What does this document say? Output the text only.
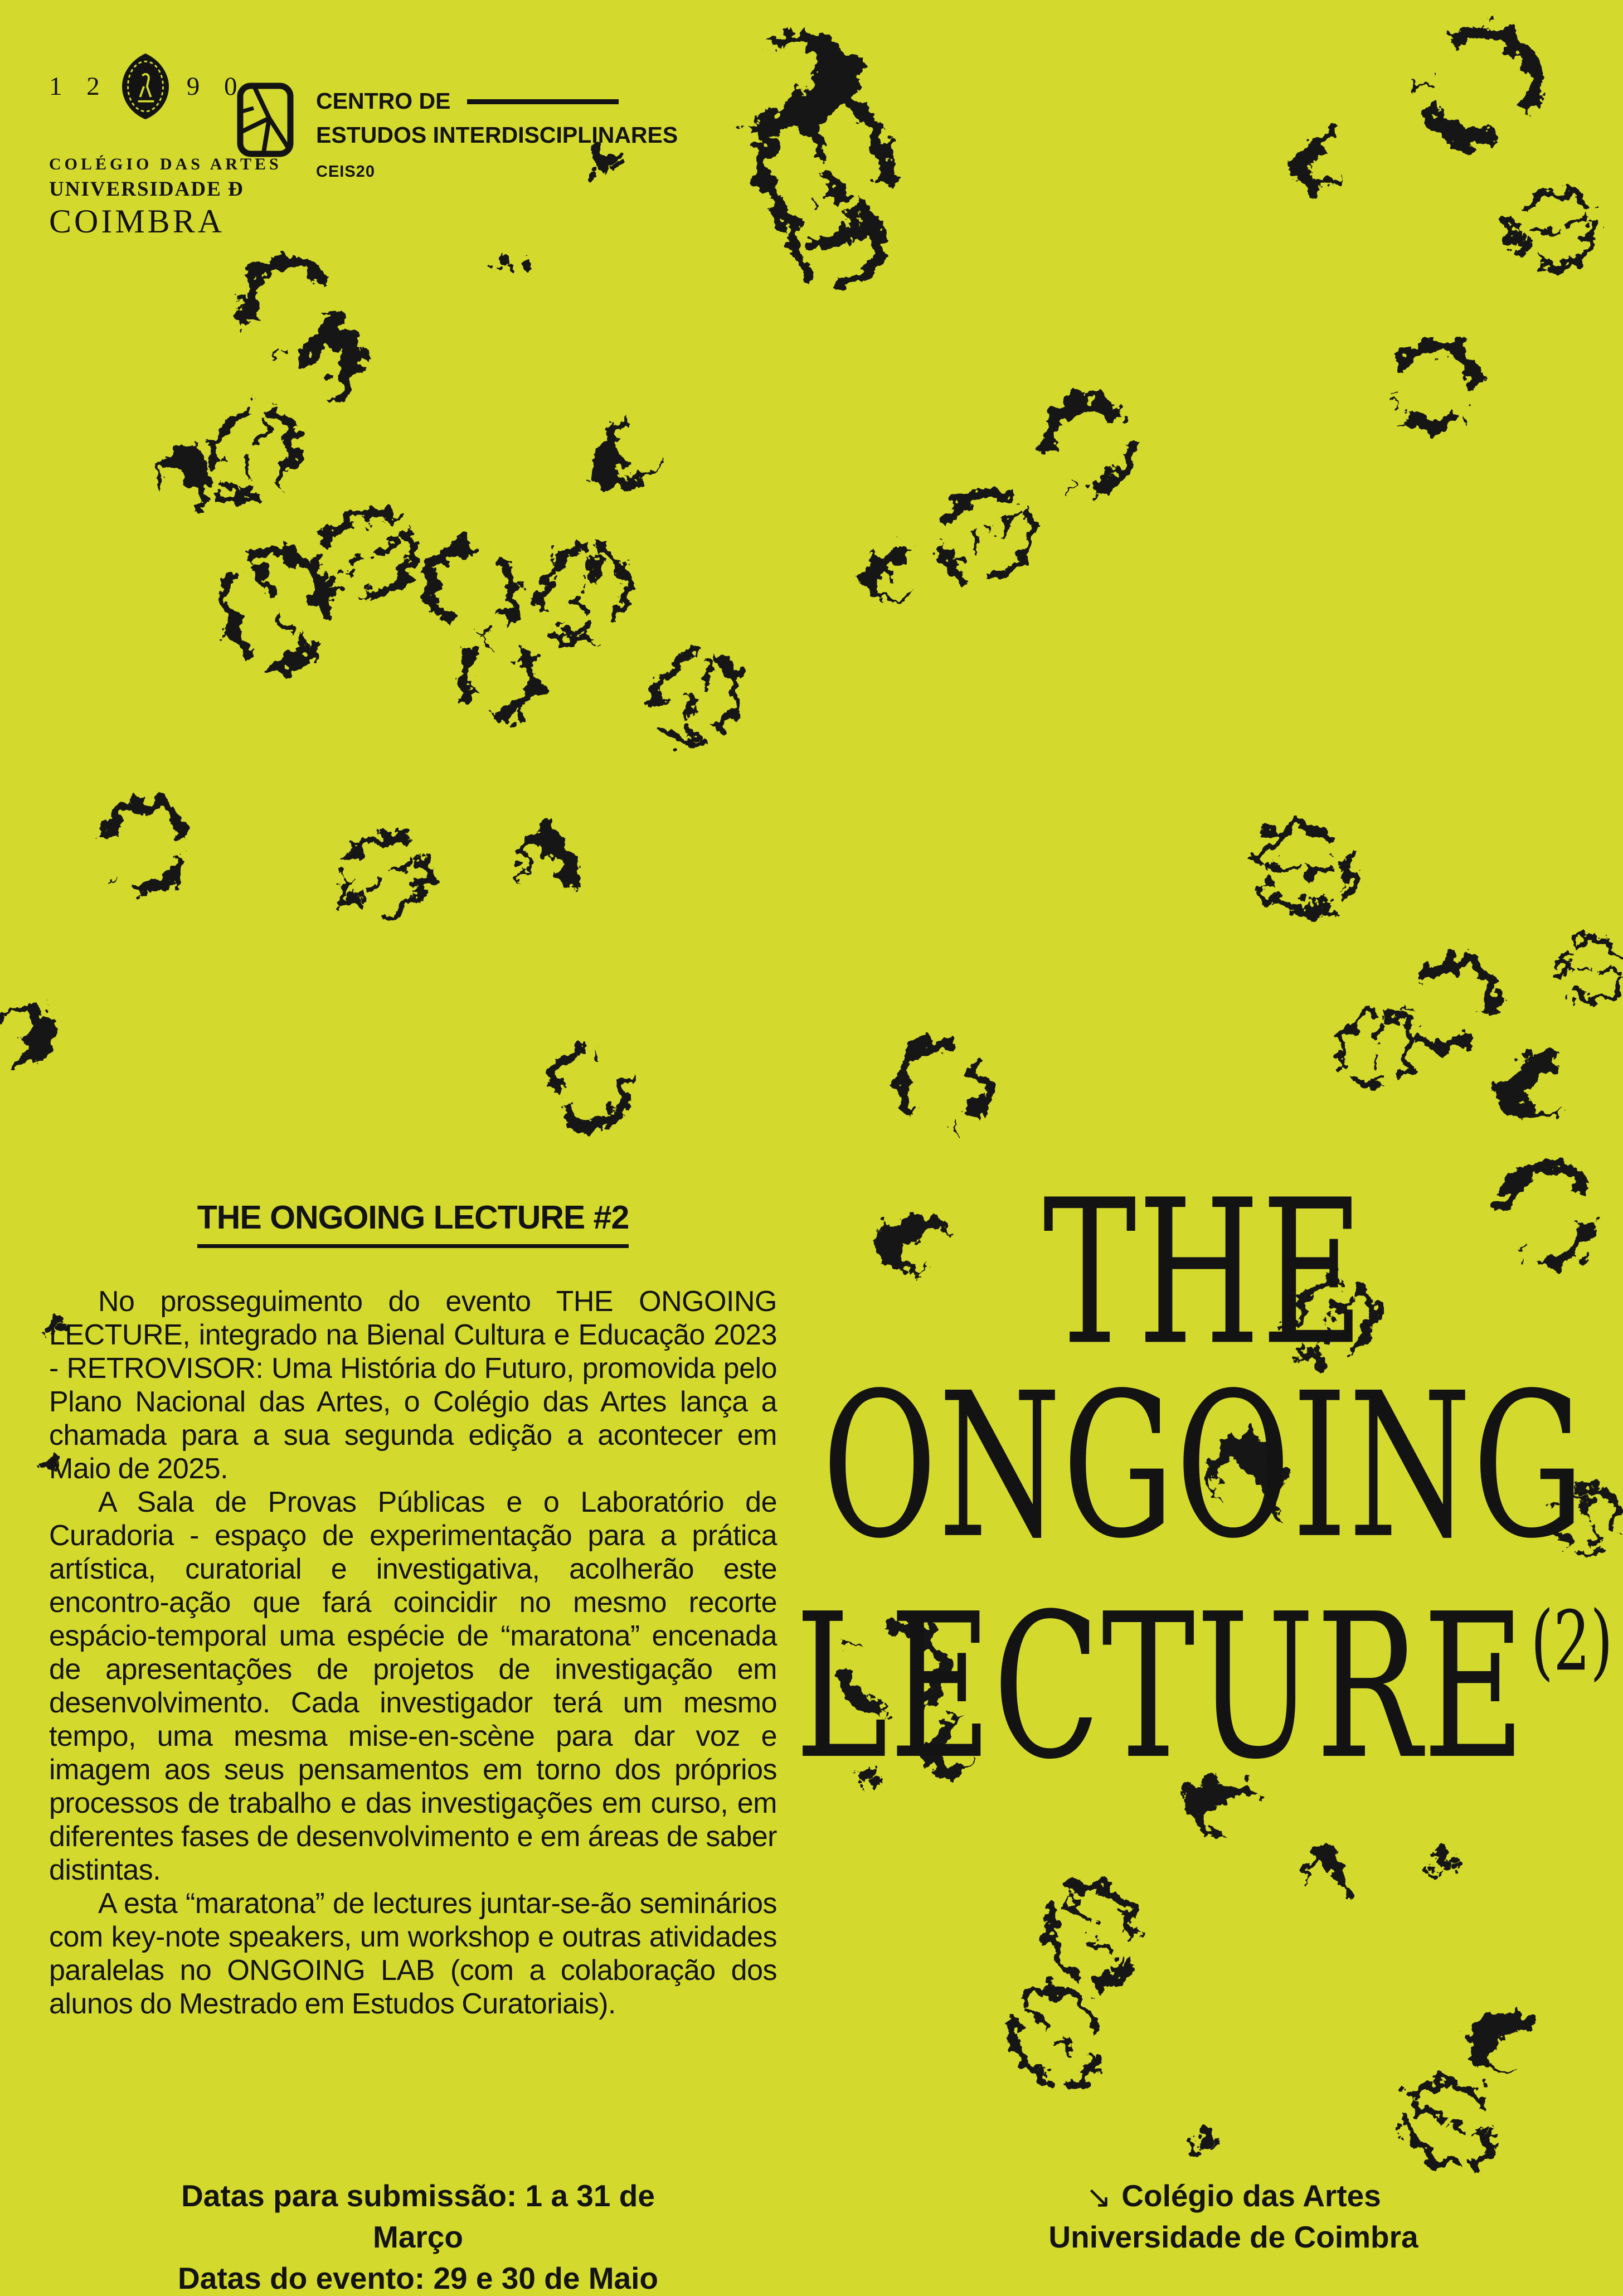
1 2	9 0
COLÉGIO DAS ARTES
UNIVERSIDADE Ð
COIMBRA
CENTRO DE
ESTUDOS INTERDISCIPLINARES
CEIS20
THE ONGOING LECTURE #2

No prosseguimento do evento THE ONGOING LECTURE, integrado na Bienal Cultura e Educação 2023 - RETROVISOR: Uma História do Futuro, promovida pelo Plano Nacional das Artes, o Colégio das Artes lança a chamada para a sua segunda edição a acontecer em Maio de 2025.

A Sala de Provas Públicas e o Laboratório de Curadoria - espaço de experimentação para a prática artística, curatorial e investigativa, acolherão este encontro-ação que fará coincidir no mesmo recorte espácio-temporal uma espécie de “maratona” encenada de apresentações de projetos de investigação em desenvolvimento. Cada investigador terá um mesmo tempo, uma mesma mise-en-scène para dar voz e imagem aos seus pensamentos em torno dos próprios processos de trabalho e das investigações em curso, em diferentes fases de desenvolvimento e em áreas de saber distintas.

A esta “maratona” de lectures juntar-se-ão seminários com key-note speakers, um workshop e outras atividades paralelas no ONGOING LAB (com a colaboração dos alunos do Mestrado em Estudos Curatoriais).

THE
ONGOING
LECTURE$^{(2)}$
Datas para submissão: 1 a 31 de Março
Datas do evento: 29 e 30 de Maio
↘ Colégio das Artes
Universidade de Coimbra
